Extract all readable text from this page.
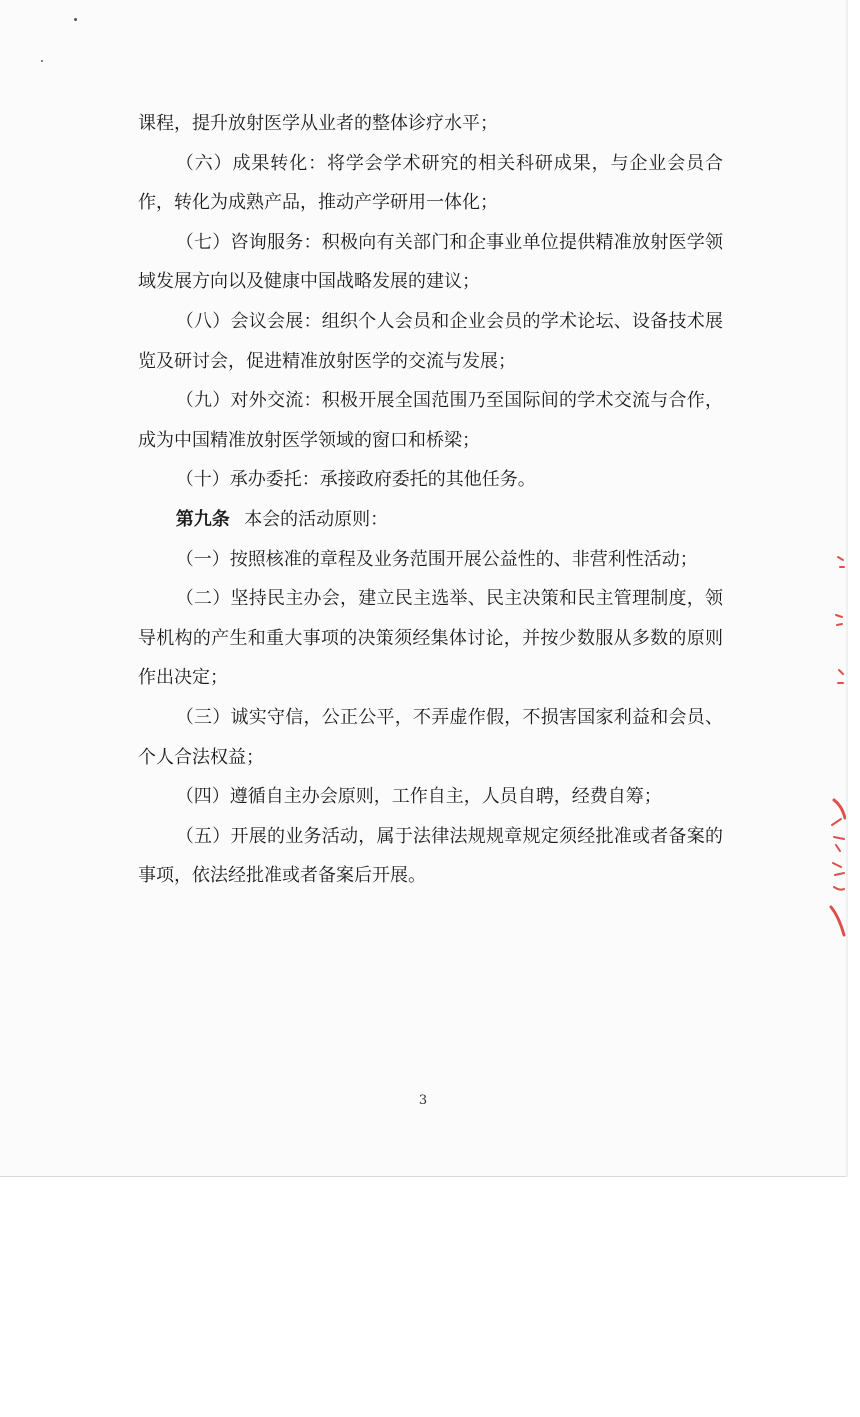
课程，提升放射医学从业者的整体诊疗水平；

（六）成果转化：将学会学术研究的相关科研成果，与企业会员合作，转化为成熟产品，推动产学研用一体化；

（七）咨询服务：积极向有关部门和企事业单位提供精准放射医学领域发展方向以及健康中国战略发展的建议；

（八）会议会展：组织个人会员和企业会员的学术论坛、设备技术展览及研讨会，促进精准放射医学的交流与发展；

（九）对外交流：积极开展全国范围乃至国际间的学术交流与合作，成为中国精准放射医学领域的窗口和桥梁；

（十）承办委托：承接政府委托的其他任务。

第九条 本会的活动原则：

（一）按照核准的章程及业务范围开展公益性的、非营利性活动；

（二）坚持民主办会，建立民主选举、民主决策和民主管理制度，领导机构的产生和重大事项的决策须经集体讨论，并按少数服从多数的原则作出决定；

（三）诚实守信，公正公平，不弄虚作假，不损害国家利益和会员、个人合法权益；

（四）遵循自主办会原则，工作自主，人员自聘，经费自筹；

（五）开展的业务活动，属于法律法规规章规定须经批准或者备案的事项，依法经批准或者备案后开展。

3
